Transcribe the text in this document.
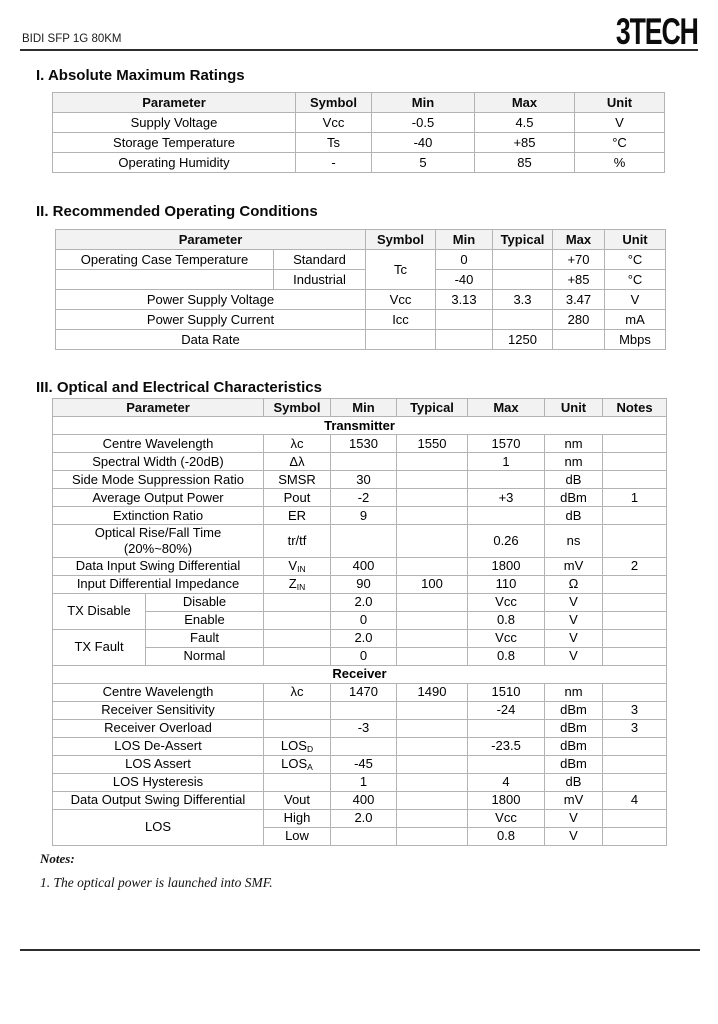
BIDI SFP 1G 80KM	3TECH
I. Absolute Maximum Ratings
Parameter	Symbol	Min	Max	Unit
Supply Voltage	Vcc	-0.5	4.5	V
Storage Temperature	Ts	-40	+85	°C
Operating Humidity	-	5	85	%
II. Recommended Operating Conditions
Parameter		Symbol	Min	Typical	Max	Unit
Operating Case Temperature	Standard	Tc	0		+70	°C
	Industrial		-40		+85	°C
Power Supply Voltage		Vcc	3.13	3.3	3.47	V
Power Supply Current		Icc			280	mA
Data Rate				1250		Mbps
III. Optical and Electrical Characteristics
Parameter		Symbol	Min	Typical	Max	Unit	Notes
Transmitter							
Centre Wavelength		λc	1530	1550	1570	nm	
Spectral Width (-20dB)		Δλ			1	nm	
Side Mode Suppression Ratio		SMSR	30			dB	
Average Output Power		Pout	-2		+3	dBm	1
Extinction Ratio		ER	9			dB	

Optical Rise/Fall Time
(20%~80%)		tr/tf			0.26	ns	
Data Input Swing Differential		$V_{IN}$	400		1800	mV	2
Input Differential Impedance		$Z_{IN}$	90	100	110	Ω	
TX Disable	Disable		2.0		Vcc	V	
	Enable		0		0.8	V	
TX Fault	Fault		2.0		Vcc	V	
	Normal		0		0.8	V	
Receiver							
Centre Wavelength		λc	1470	1490	1510	nm	
Receiver Sensitivity					-24	dBm	3
Receiver Overload			-3			dBm	3
LOS De-Assert		$LOS_D$			-23.5	dBm	
LOS Assert		$LOS_A$	-45			dBm	
LOS Hysteresis			1		4	dB	
Data Output Swing Differential		Vout	400		1800	mV	4
LOS		High	2.0		Vcc	V	
		Low			0.8	V	
Notes:
1. The optical power is launched into SMF.
